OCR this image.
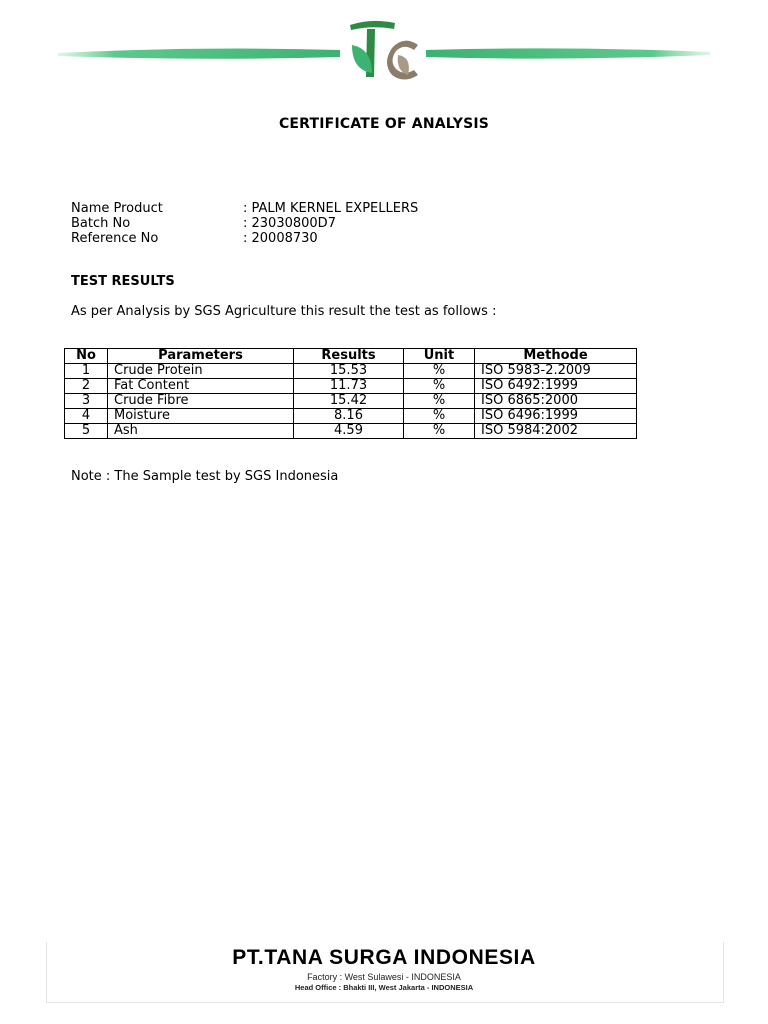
CERTIFICATE OF ANALYSIS
Name Product	: PALM KERNEL EXPELLERS
Batch No	: 23030800D7
Reference No	: 20008730
TEST RESULTS
As per Analysis by SGS Agriculture this result the test as follows :
No	Parameters	Results	Unit	Methode
1	Crude Protein	15.53	%	ISO 5983-2.2009
2	Fat Content	11.73	%	ISO 6492:1999
3	Crude Fibre	15.42	%	ISO 6865:2000
4	Moisture	8.16	%	ISO 6496:1999
5	Ash	4.59	%	ISO 5984:2002
Note : The Sample test by SGS Indonesia
PT.TANA SURGA INDONESIA
Factory : West Sulawesi - INDONESIA
Head Office : Bhakti III, West Jakarta - INDONESIA
